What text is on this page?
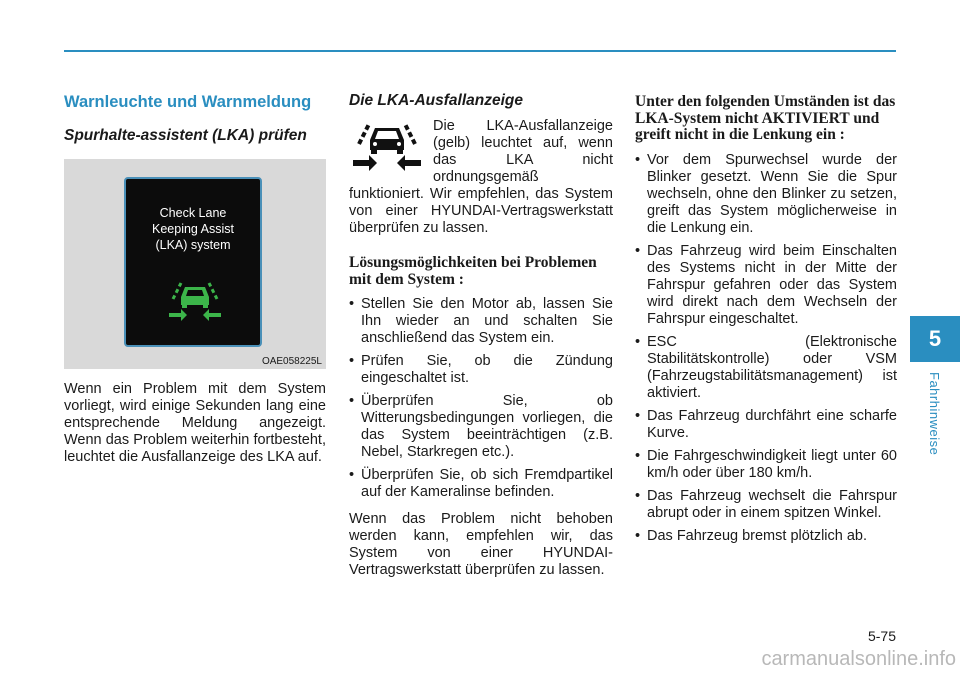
Warnleuchte und Warnmeldung
Spurhalte-assistent (LKA) prüfen
Check Lane
Keeping Assist
(LKA) system
OAE058225L

Wenn ein Problem mit dem System vorliegt, wird einige Sekunden lang eine entsprechende Meldung angezeigt. Wenn das Problem weiterhin fortbesteht, leuchtet die Ausfallanzeige des LKA auf.

Die LKA-Ausfallanzeige

Die LKA-Ausfallanzeige (gelb) leuchtet auf, wenn das LKA nicht ordnungsgemäß funktioniert. Wir empfehlen, das System von einer HYUNDAI-Vertragswerkstatt überprüfen zu lassen.

Lösungsmöglichkeiten bei Problemen mit dem System :
• Stellen Sie den Motor ab, lassen Sie Ihn wieder an und schalten Sie anschließend das System ein.
• Prüfen Sie, ob die Zündung eingeschaltet ist.
• Überprüfen Sie, ob Witterungsbedingungen vorliegen, die das System beeinträchtigen (z.B. Nebel, Starkregen etc.).
• Überprüfen Sie, ob sich Fremdpartikel auf der Kameralinse befinden.

Wenn das Problem nicht behoben werden kann, empfehlen wir, das System von einer HYUNDAI-Vertragswerkstatt überprüfen zu lassen.

Unter den folgenden Umständen ist das LKA-System nicht AKTIVIERT und greift nicht in die Lenkung ein :
• Vor dem Spurwechsel wurde der Blinker gesetzt. Wenn Sie die Spur wechseln, ohne den Blinker zu setzen, greift das System möglicherweise in die Lenkung ein.
• Das Fahrzeug wird beim Einschalten des Systems nicht in der Mitte der Fahrspur gefahren oder das System wird direkt nach dem Wechseln der Fahrspur eingeschaltet.
• ESC (Elektronische Stabilitätskontrolle) oder VSM (Fahrzeugstabilitätsmanagement) ist aktiviert.
• Das Fahrzeug durchfährt eine scharfe Kurve.
• Die Fahrgeschwindigkeit liegt unter 60 km/h oder über 180 km/h.
• Das Fahrzeug wechselt die Fahrspur abrupt oder in einem spitzen Winkel.
• Das Fahrzeug bremst plötzlich ab.
5
Fahrhinweise
5-75
carmanualsonline.info
